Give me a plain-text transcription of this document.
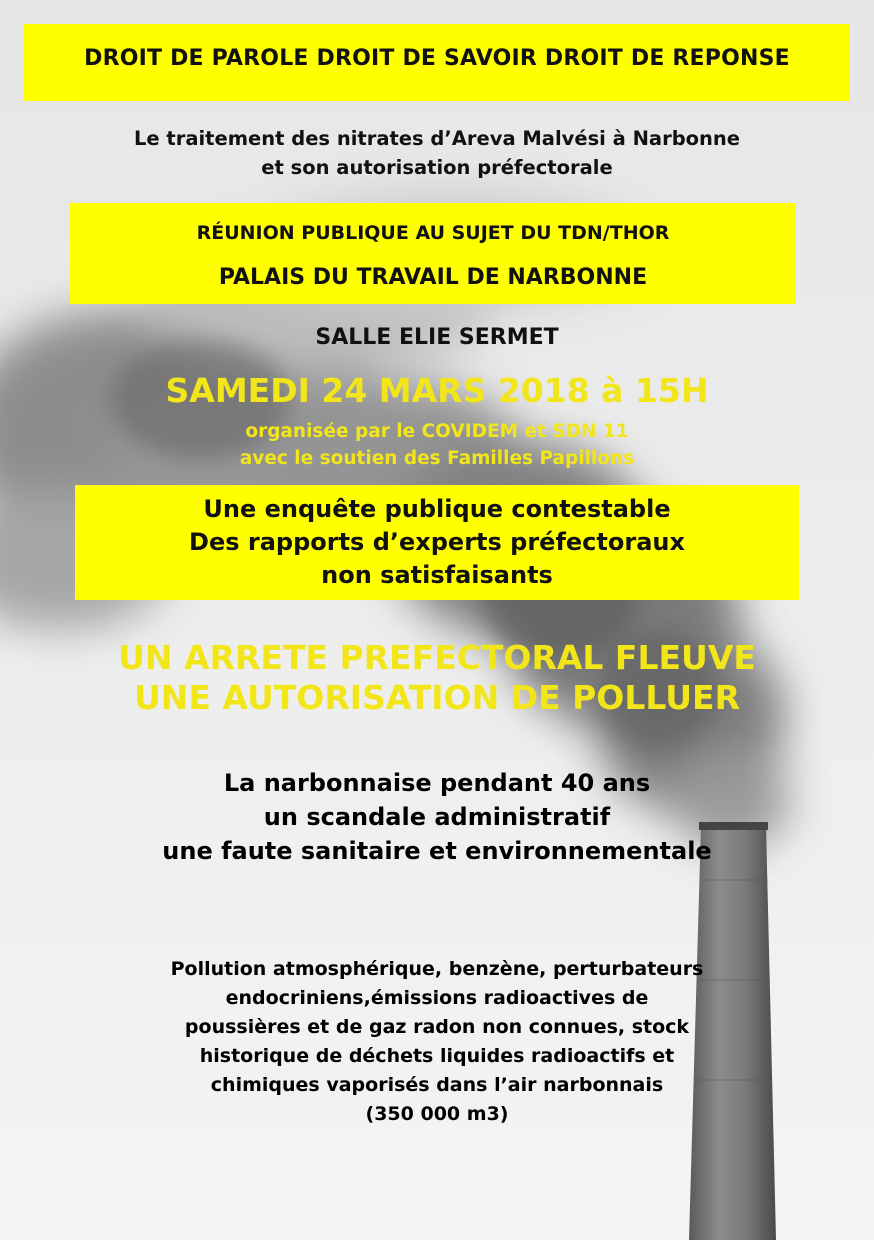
DROIT DE PAROLE DROIT DE SAVOIR DROIT DE REPONSE
Le traitement des nitrates d’Areva Malvési à Narbonne
et son autorisation préfectorale
RÉUNION PUBLIQUE AU SUJET DU TDN/THOR
PALAIS DU TRAVAIL DE NARBONNE
SALLE ELIE SERMET
SAMEDI 24 MARS 2018 à 15H
organisée par le COVIDEM et SDN 11
avec le soutien des Familles Papillons
Une enquête publique contestable
Des rapports d’experts préfectoraux
non satisfaisants
UN ARRETE PREFECTORAL FLEUVE
UNE AUTORISATION DE POLLUER
La narbonnaise pendant 40 ans
un scandale administratif
une faute sanitaire et environnementale
Pollution atmosphérique, benzène, perturbateurs
endocriniens,émissions radioactives de
poussières et de gaz radon non connues, stock
historique de déchets liquides radioactifs et
chimiques vaporisés dans l’air narbonnais
(350 000 m3)
